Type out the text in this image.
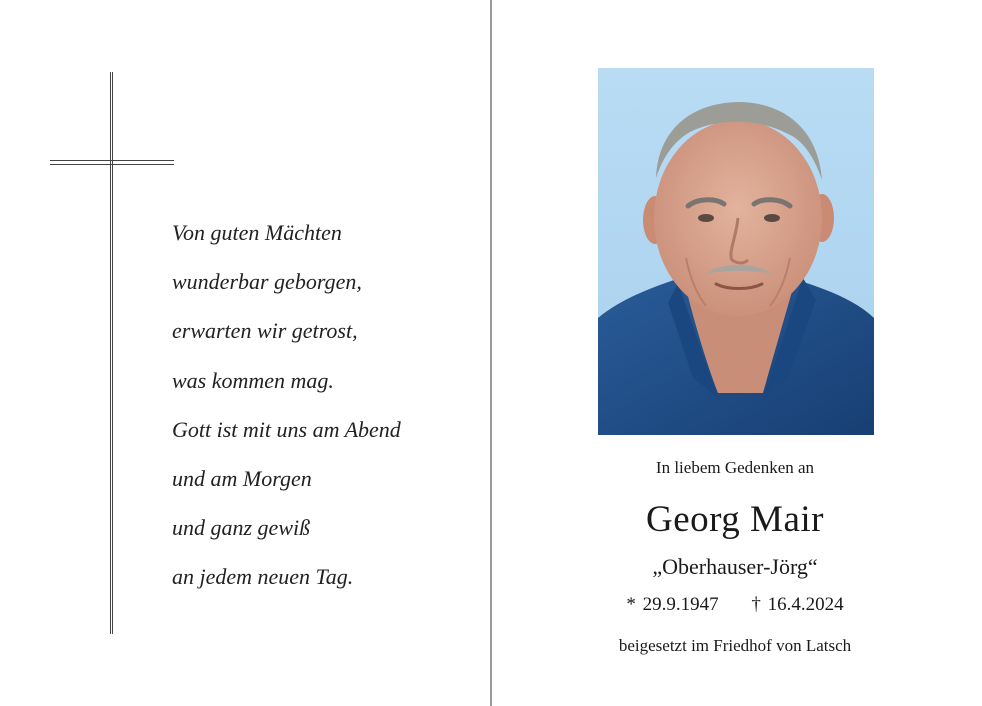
Von guten Mächten
wunderbar geborgen,
erwarten wir getrost,
was kommen mag.
Gott ist mit uns am Abend
und am Morgen
und ganz gewiß
an jedem neuen Tag.
In liebem Gedenken an
Georg Mair
„Oberhauser-Jörg“
* 29.9.1947 † 16.4.2024
beigesetzt im Friedhof von Latsch
